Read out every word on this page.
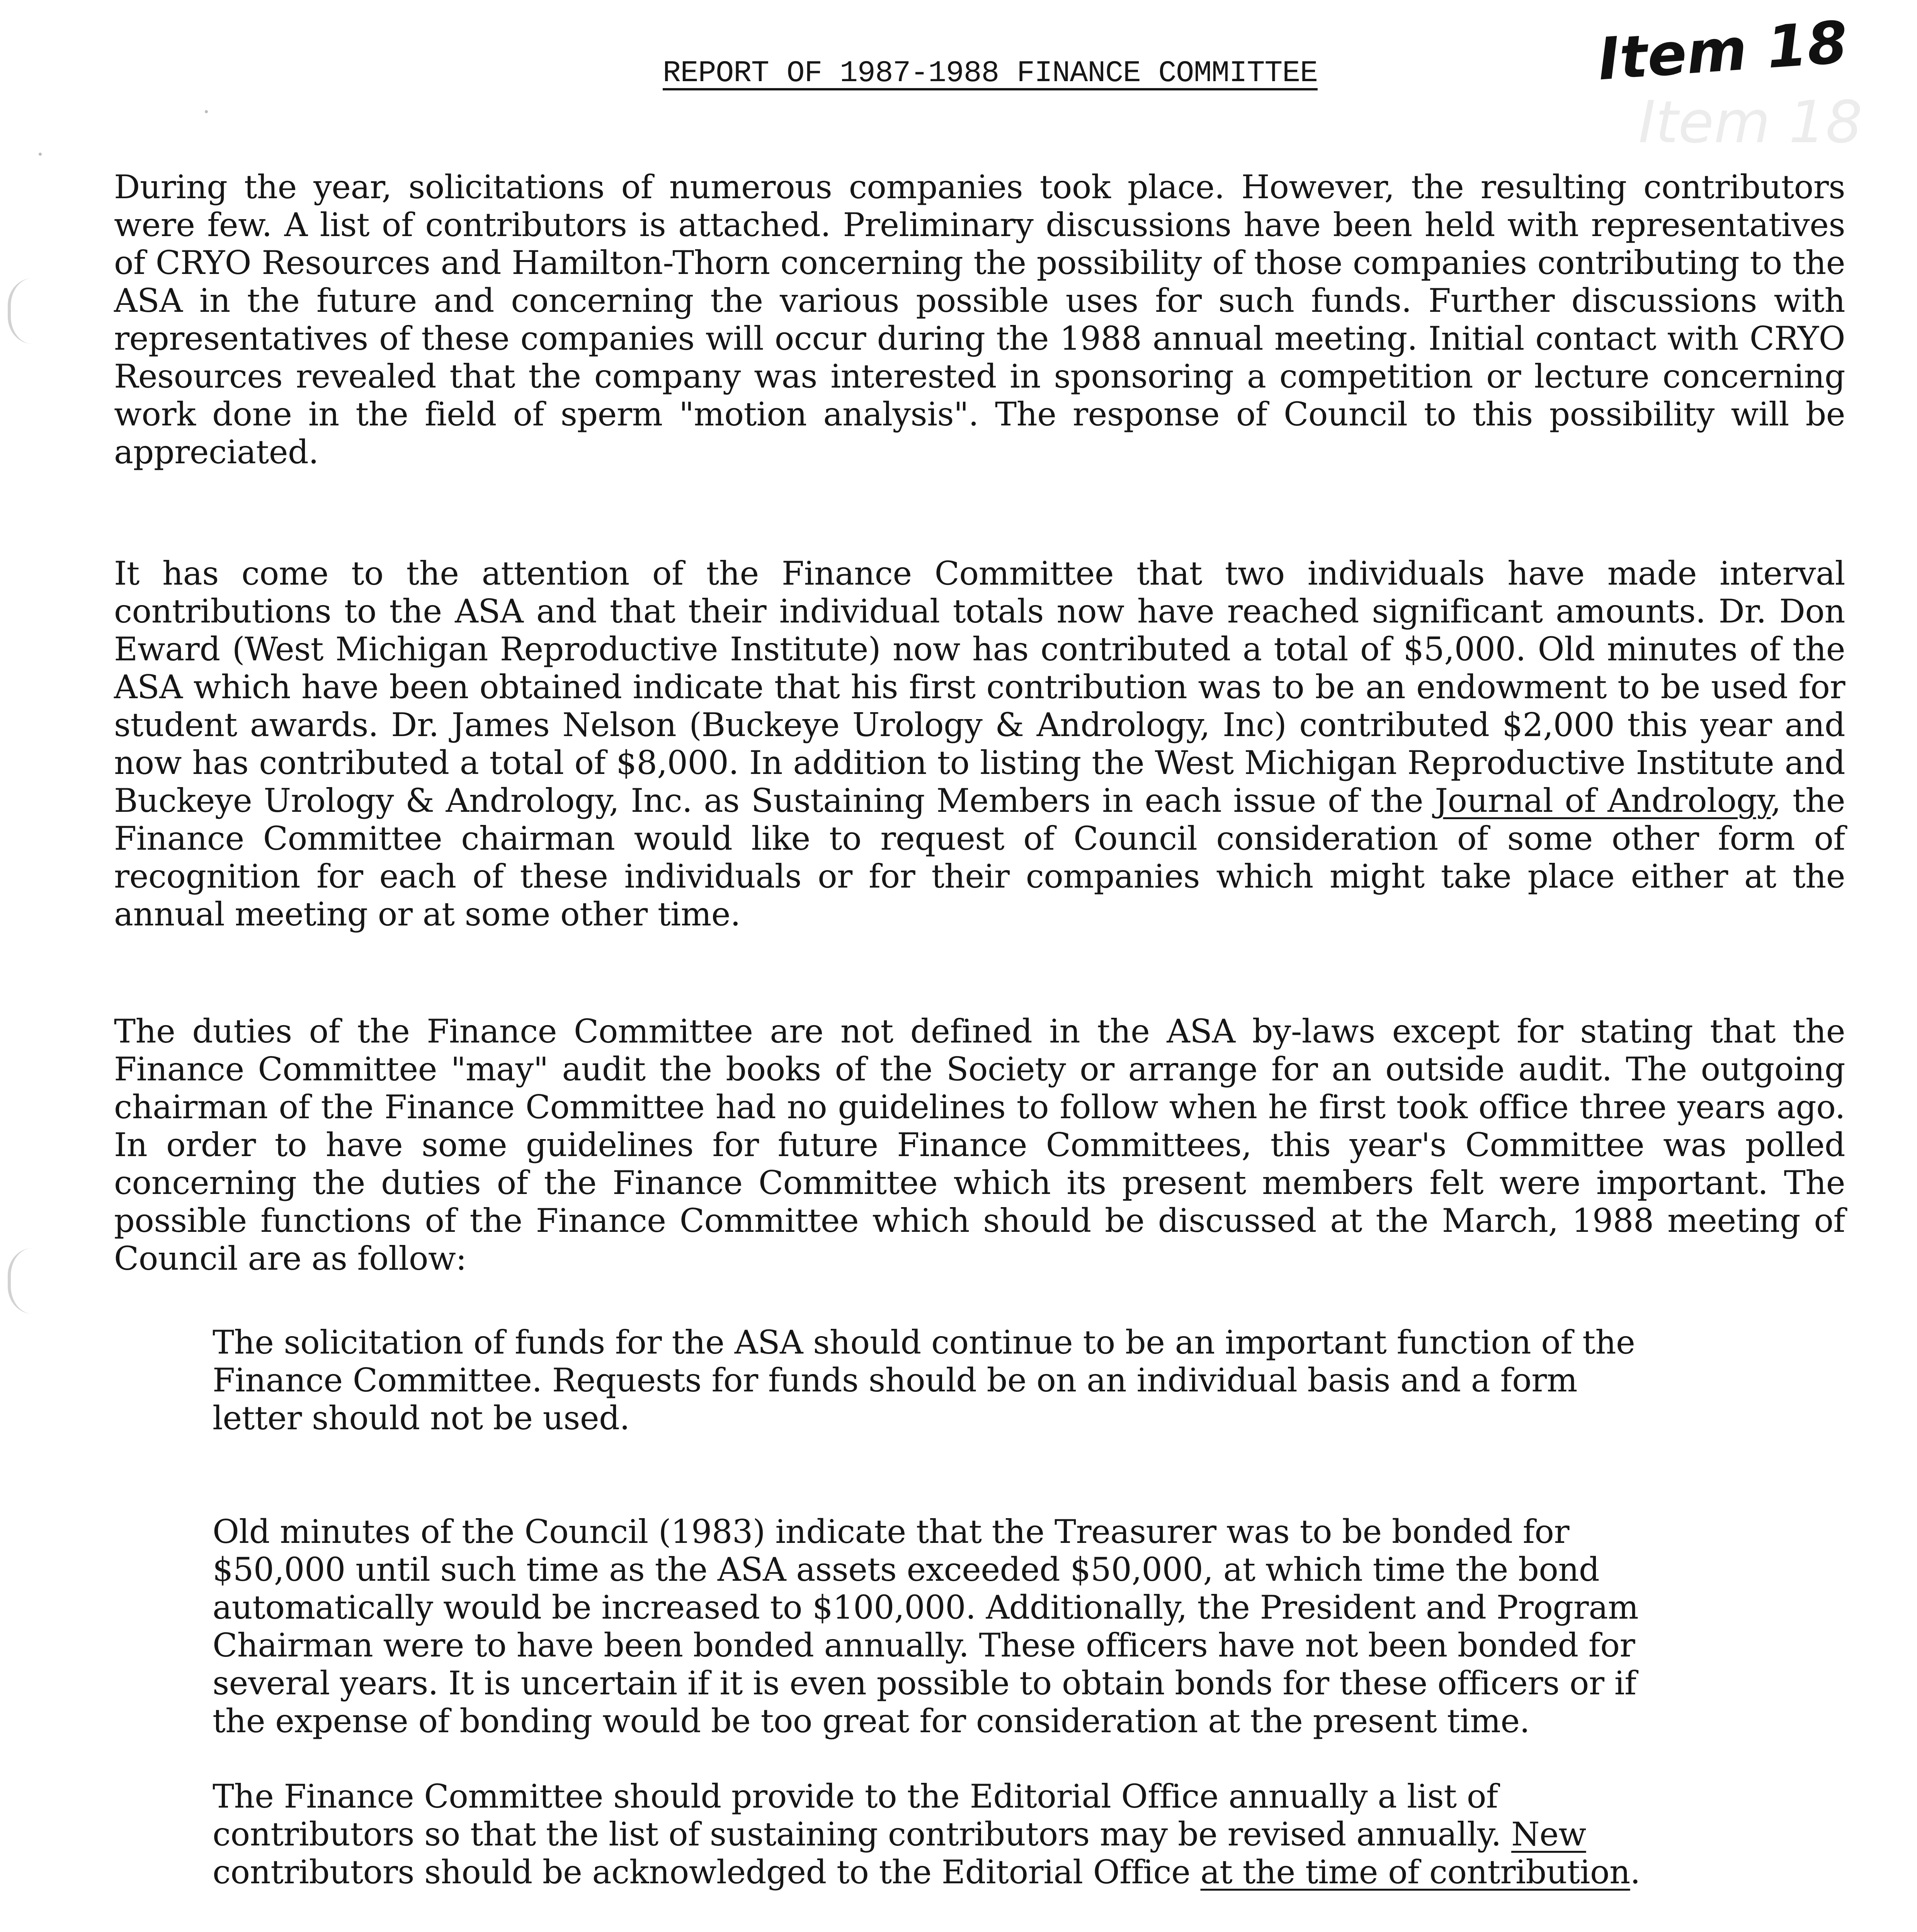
Item 18
REPORT OF 1987-1988 FINANCE COMMITTEE	Item 18
During the year, solicitations of numerous companies took place. However, the resulting contributors were few. A list of contributors is attached. Preliminary discussions have been held with representatives of CRYO Resources and Hamilton-Thorn concerning the possibility of those companies contributing to the ASA in the future and concerning the various possible uses for such funds. Further discussions with representatives of these companies will occur during the 1988 annual meeting. Initial contact with CRYO Resources revealed that the company was interested in sponsoring a competition or lecture concerning work done in the field of sperm "motion analysis". The response of Council to this possibility will be appreciated.
It has come to the attention of the Finance Committee that two individuals have made interval contributions to the ASA and that their individual totals now have reached significant amounts. Dr. Don Eward (West Michigan Reproductive Institute) now has contributed a total of $5,000. Old minutes of the ASA which have been obtained indicate that his first contribution was to be an endowment to be used for student awards. Dr. James Nelson (Buckeye Urology & Andrology, Inc) contributed $2,000 this year and now has contributed a total of $8,000. In addition to listing the West Michigan Reproductive Institute and Buckeye Urology & Andrology, Inc. as Sustaining Members in each issue of the Journal of Andrology, the Finance Committee chairman would like to request of Council consideration of some other form of recognition for each of these individuals or for their companies which might take place either at the annual meeting or at some other time.
The duties of the Finance Committee are not defined in the ASA by-laws except for stating that the Finance Committee "may" audit the books of the Society or arrange for an outside audit. The outgoing chairman of the Finance Committee had no guidelines to follow when he first took office three years ago. In order to have some guidelines for future Finance Committees, this year's Committee was polled concerning the duties of the Finance Committee which its present members felt were important. The possible functions of the Finance Committee which should be discussed at the March, 1988 meeting of Council are as follow:
The solicitation of funds for the ASA should continue to be an important function of the Finance Committee. Requests for funds should be on an individual basis and a form letter should not be used.
Old minutes of the Council (1983) indicate that the Treasurer was to be bonded for $50,000 until such time as the ASA assets exceeded $50,000, at which time the bond automatically would be increased to $100,000. Additionally, the President and Program Chairman were to have been bonded annually. These officers have not been bonded for several years. It is uncertain if it is even possible to obtain bonds for these officers or if the expense of bonding would be too great for consideration at the present time.
The Finance Committee should provide to the Editorial Office annually a list of contributors so that the list of sustaining contributors may be revised annually. New contributors should be acknowledged to the Editorial Office at the time of contribution.
